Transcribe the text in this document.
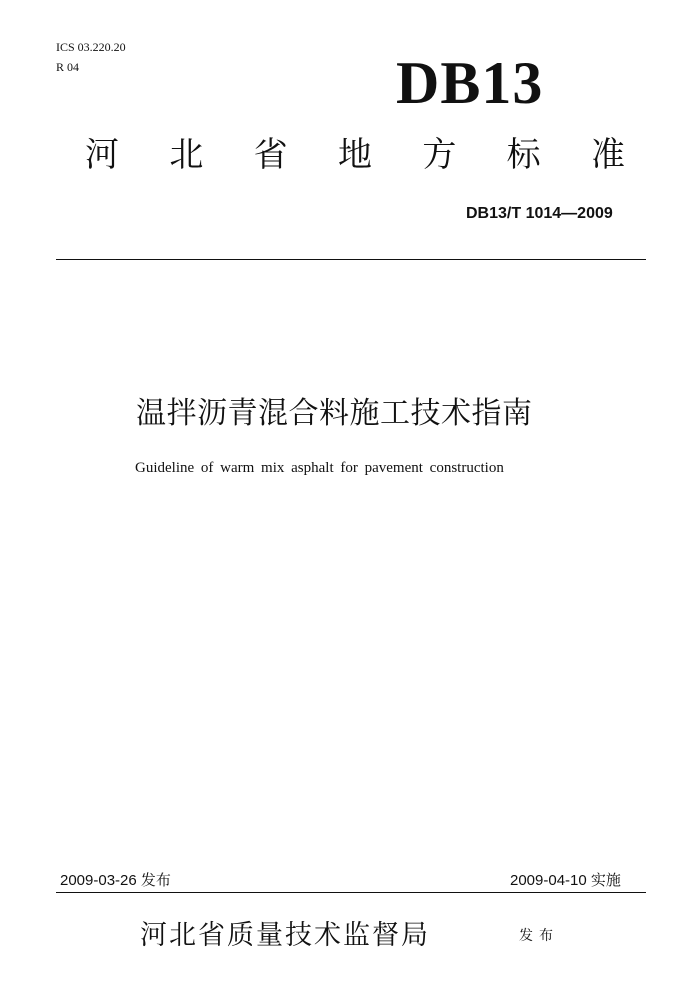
ICS 03.220.20
R 04	DB13
河 北 省 地 方 标 准
DB13/T 1014—2009
温拌沥青混合料施工技术指南
Guideline of warm mix asphalt for pavement construction
2009-03-26 发布	2009-04-10 实施
河北省质量技术监督局	发布
